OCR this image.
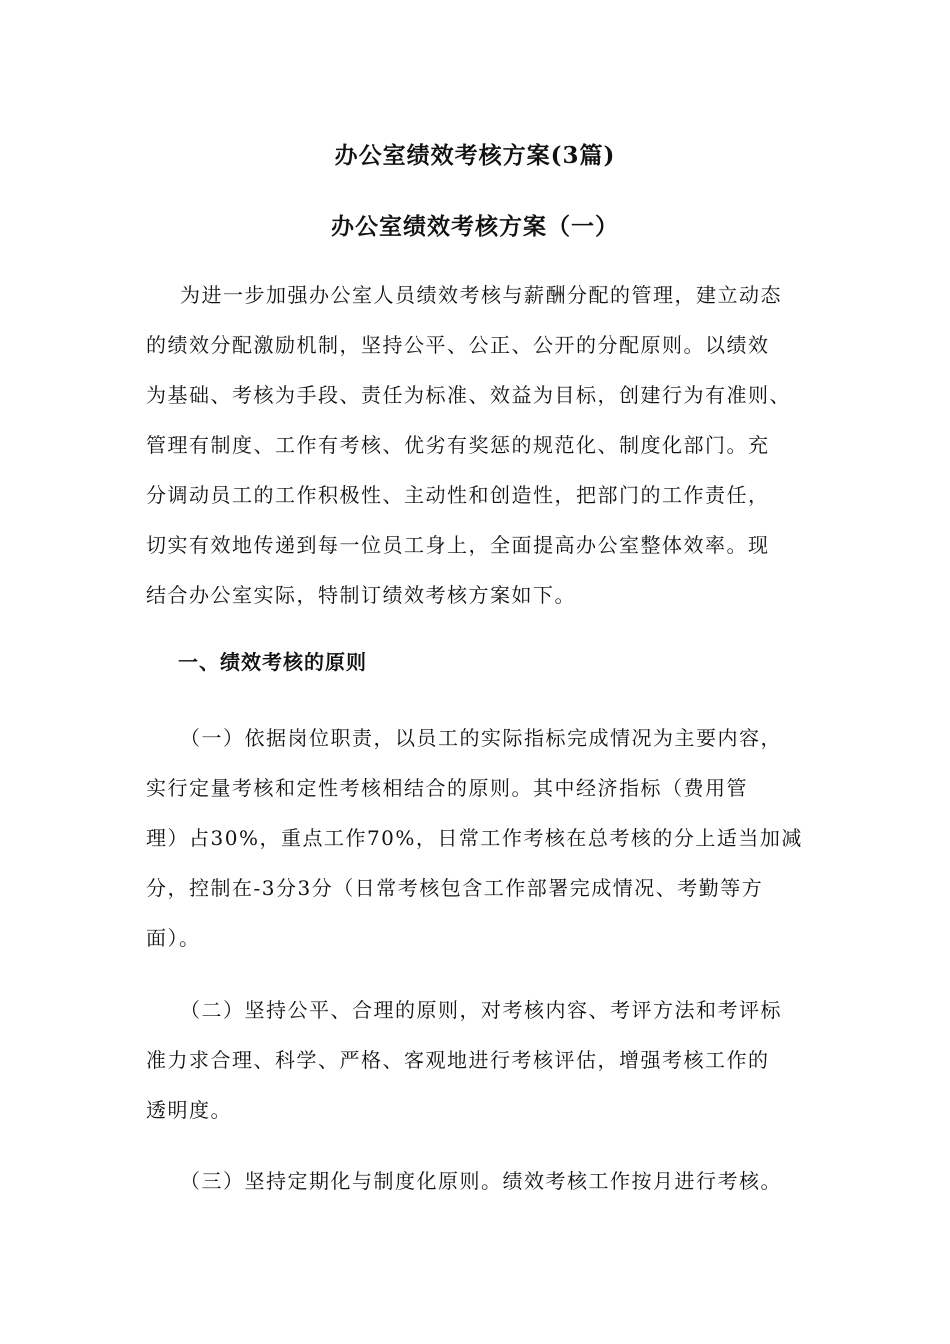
办公室绩效考核方案(3篇)
办公室绩效考核方案（一）
为进一步加强办公室人员绩效考核与薪酬分配的管理，建立动态
的绩效分配激励机制，坚持公平、公正、公开的分配原则。以绩效
为基础、考核为手段、责任为标准、效益为目标，创建行为有准则、
管理有制度、工作有考核、优劣有奖惩的规范化、制度化部门。充
分调动员工的工作积极性、主动性和创造性，把部门的工作责任，
切实有效地传递到每一位员工身上，全面提高办公室整体效率。现
结合办公室实际，特制订绩效考核方案如下。
一、绩效考核的原则
（一）依据岗位职责，以员工的实际指标完成情况为主要内容，
实行定量考核和定性考核相结合的原则。其中经济指标（费用管
理）占30%，重点工作70%，日常工作考核在总考核的分上适当加减
分，控制在-3分3分（日常考核包含工作部署完成情况、考勤等方
面）。
（二）坚持公平、合理的原则，对考核内容、考评方法和考评标
准力求合理、科学、严格、客观地进行考核评估，增强考核工作的
透明度。
（三）坚持定期化与制度化原则。绩效考核工作按月进行考核。
